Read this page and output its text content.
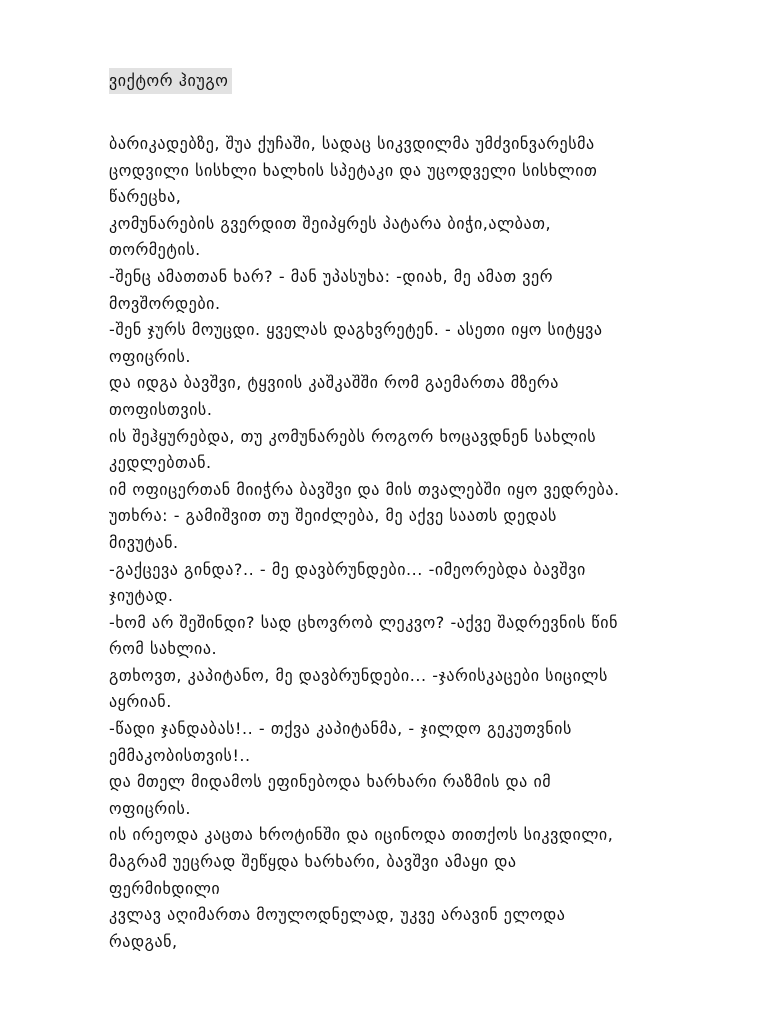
ვიქტორ ჰიუგო
ბარიკადებზე, შუა ქუჩაში, სადაც სიკვდილმა უმძვინვარესმა
ცოდვილი სისხლი ხალხის სპეტაკი და უცოდველი სისხლით
წარეცხა,
კომუნარების გვერდით შეიპყრეს პატარა ბიჭი,ალბათ,
თორმეტის.
-შენც ამათთან ხარ? - მან უპასუხა: -დიახ, მე ამათ ვერ
მოვშორდები.
-შენ ჯურს მოუცდი. ყველას დაგხვრეტენ. - ასეთი იყო სიტყვა
ოფიცრის.
და იდგა ბავშვი, ტყვიის კაშკაშში რომ გაემართა მზერა
თოფისთვის.
ის შეჰყურებდა, თუ კომუნარებს როგორ ხოცავდნენ სახლის
კედლებთან.
იმ ოფიცერთან მიიჭრა ბავშვი და მის თვალებში იყო ვედრება.
უთხრა: - გამიშვით თუ შეიძლება, მე აქვე საათს დედას
მივუტან.
-გაქცევა გინდა?.. - მე დავბრუნდები... -იმეორებდა ბავშვი
ჯიუტად.
-ხომ არ შეშინდი? სად ცხოვრობ ლეკვო? -აქვე შადრევნის წინ
რომ სახლია.
გთხოვთ, კაპიტანო, მე დავბრუნდები... -ჯარისკაცები სიცილს
აყრიან.
-წადი ჯანდაბას!.. - თქვა კაპიტანმა, - ჯილდო გეკუთვნის
ემმაკობისთვის!..
და მთელ მიდამოს ეფინებოდა ხარხარი რაზმის და იმ
ოფიცრის.
ის ირეოდა კაცთა ხროტინში და იცინოდა თითქოს სიკვდილი,
მაგრამ უეცრად შეწყდა ხარხარი, ბავშვი ამაყი და
ფერმიხდილი
კვლავ აღიმართა მოულოდნელად, უკვე არავინ ელოდა
რადგან,
